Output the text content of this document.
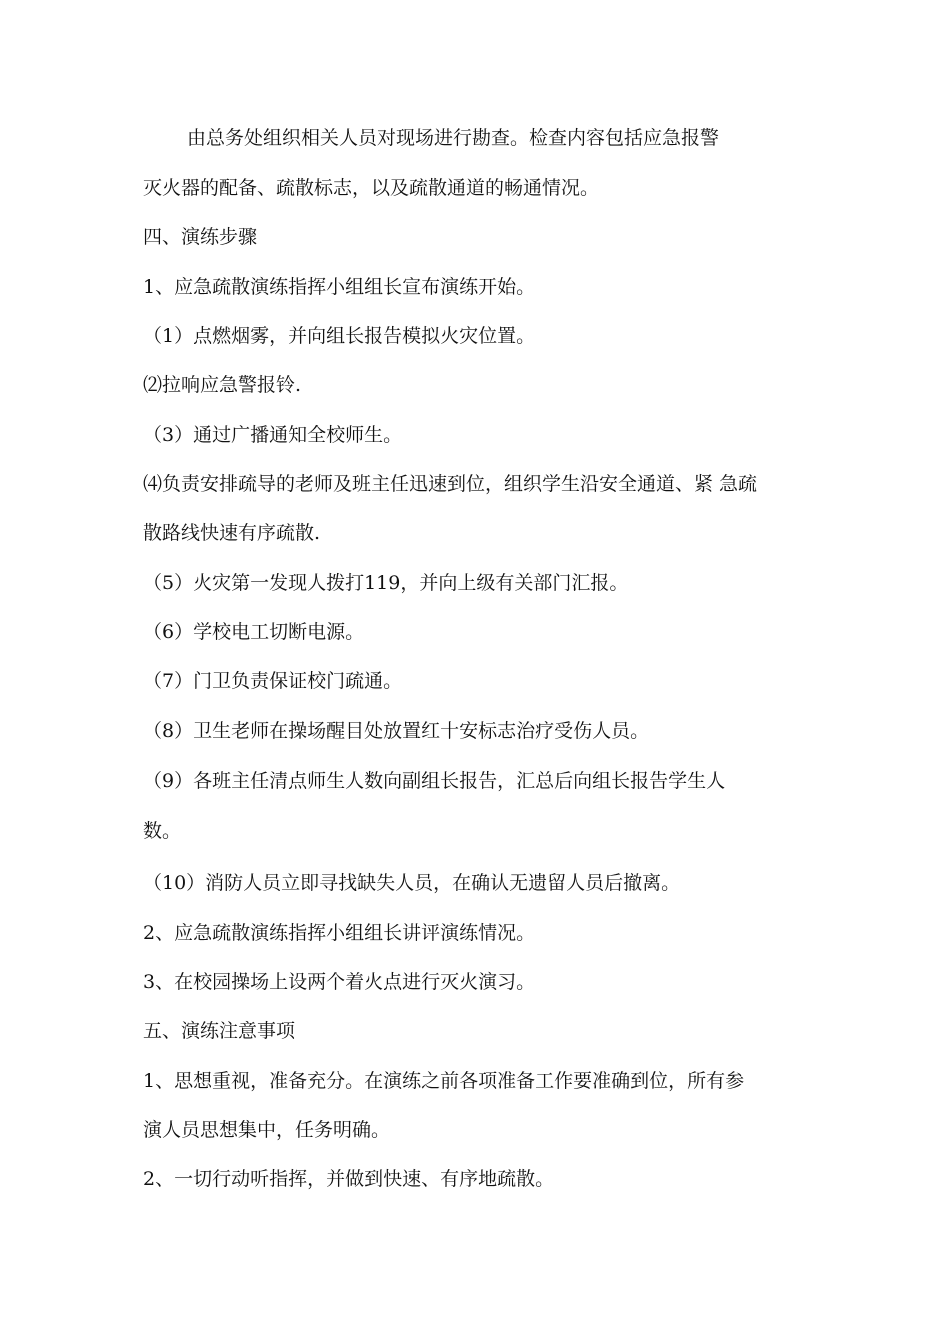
由总务处组织相关人员对现场进行勘查。检查内容包括应急报警
灭火器的配备、疏散标志，以及疏散通道的畅通情况。
四、演练步骤
1、应急疏散演练指挥小组组长宣布演练开始。
（1）点燃烟雾，并向组长报告模拟火灾位置。
⑵拉响应急警报铃.
（3）通过广播通知全校师生。
⑷负责安排疏导的老师及班主任迅速到位，组织学生沿安全通道、紧 急疏
散路线快速有序疏散.
（5）火灾第一发现人拨打119，并向上级有关部门汇报。
（6）学校电工切断电源。
（7）门卫负责保证校门疏通。
（8）卫生老师在操场醒目处放置红十安标志治疗受伤人员。
（9）各班主任清点师生人数向副组长报告，汇总后向组长报告学生人
数。
（10）消防人员立即寻找缺失人员，在确认无遗留人员后撤离。
2、应急疏散演练指挥小组组长讲评演练情况。
3、在校园操场上设两个着火点进行灭火演习。
五、演练注意事项
1、思想重视，准备充分。在演练之前各项准备工作要准确到位，所有参
演人员思想集中，任务明确。
2、一切行动听指挥，并做到快速、有序地疏散。
